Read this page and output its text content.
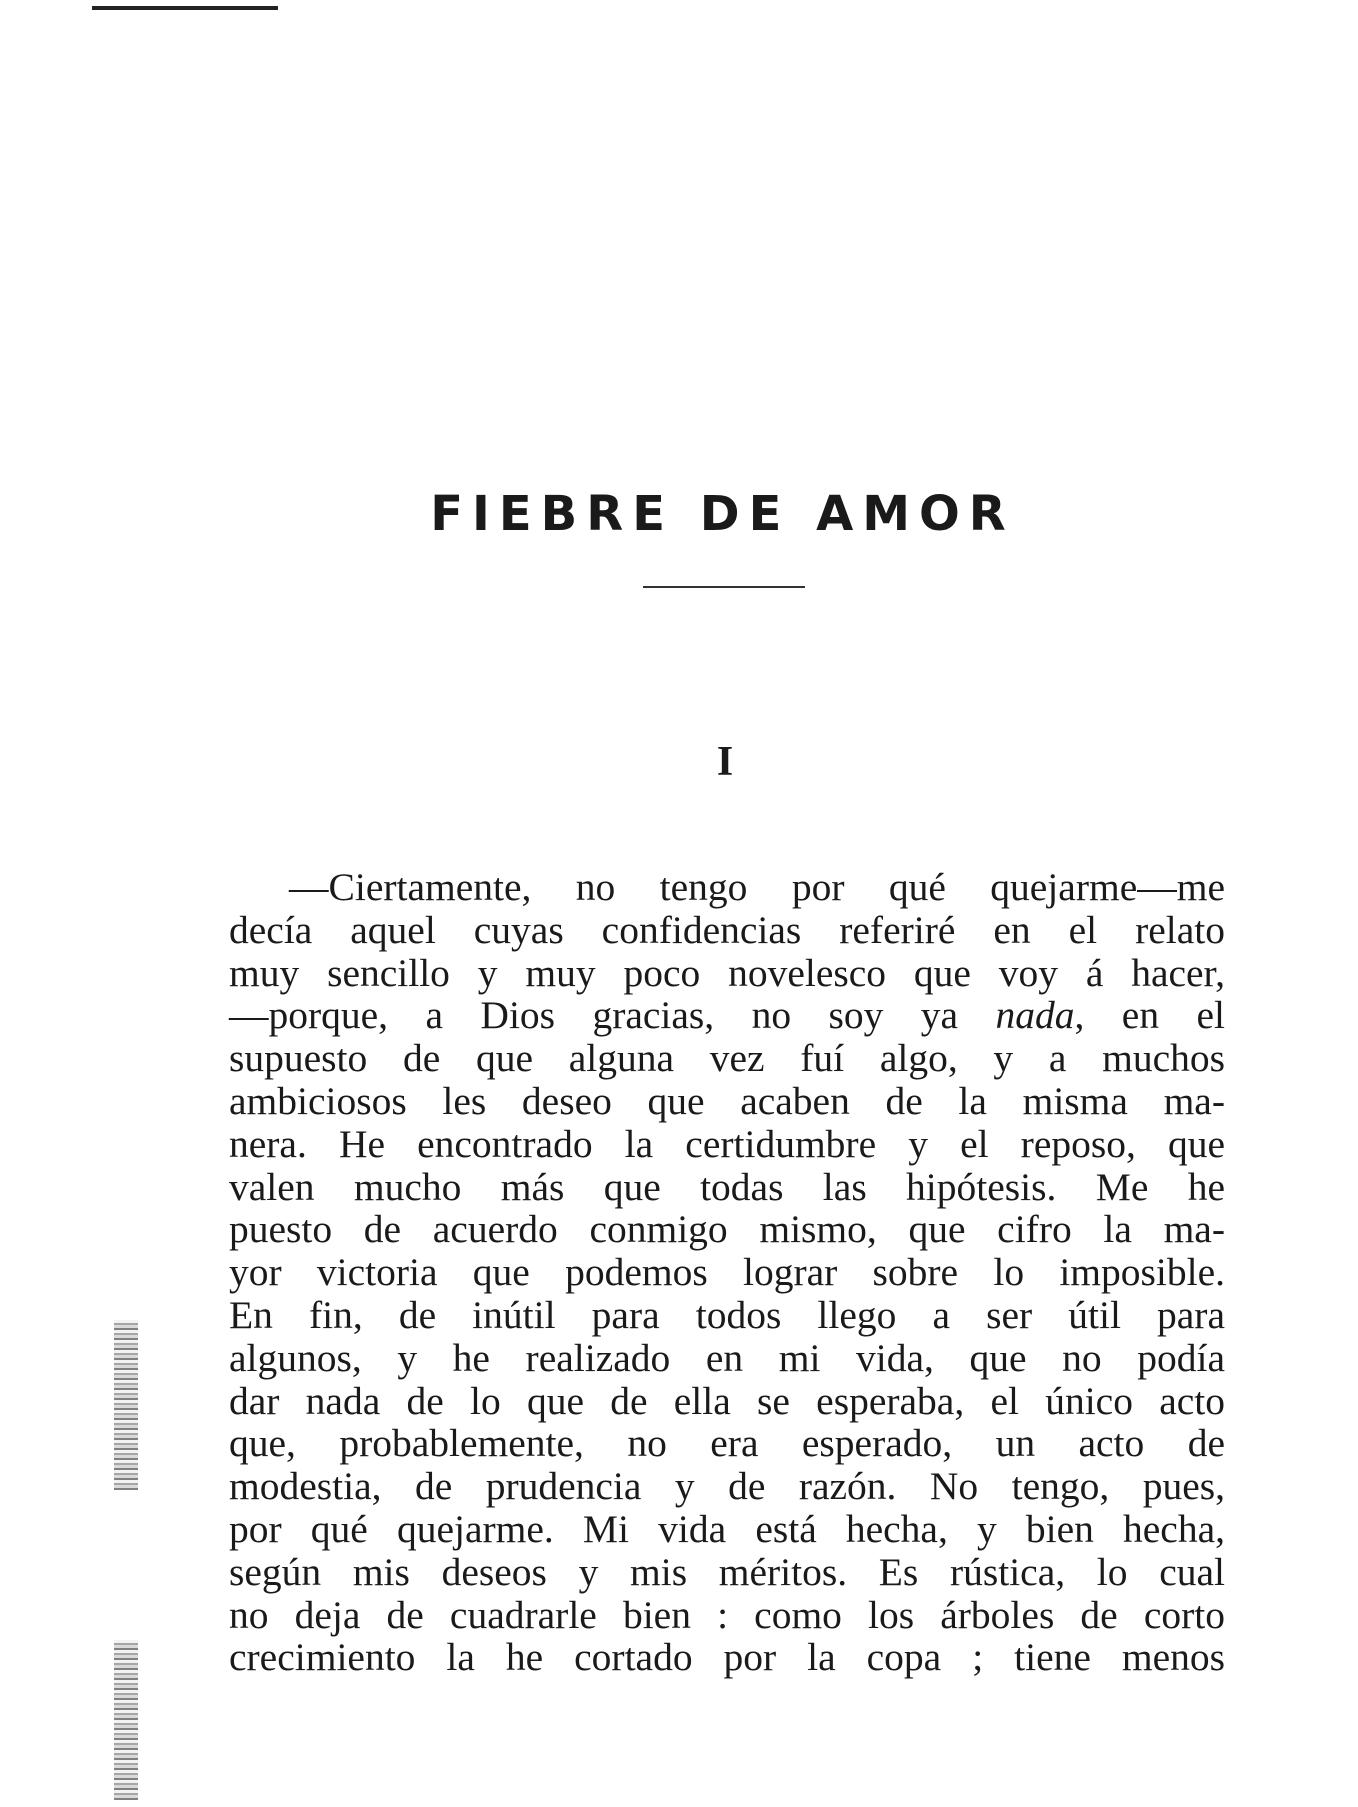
FIEBRE DE AMOR
I
—Ciertamente, no tengo por qué quejarme—me
decía aquel cuyas confidencias referiré en el relato
muy sencillo y muy poco novelesco que voy á hacer,
—porque, a Dios gracias, no soy ya nada, en el
supuesto de que alguna vez fuí algo, y a muchos
ambiciosos les deseo que acaben de la misma ma-
nera. He encontrado la certidumbre y el reposo, que
valen mucho más que todas las hipótesis. Me he
puesto de acuerdo conmigo mismo, que cifro la ma-
yor victoria que podemos lograr sobre lo imposible.
En fin, de inútil para todos llego a ser útil para
algunos, y he realizado en mi vida, que no podía
dar nada de lo que de ella se esperaba, el único acto
que, probablemente, no era esperado, un acto de
modestia, de prudencia y de razón. No tengo, pues,
por qué quejarme. Mi vida está hecha, y bien hecha,
según mis deseos y mis méritos. Es rústica, lo cual
no deja de cuadrarle bien : como los árboles de corto
crecimiento la he cortado por la copa ; tiene menos
